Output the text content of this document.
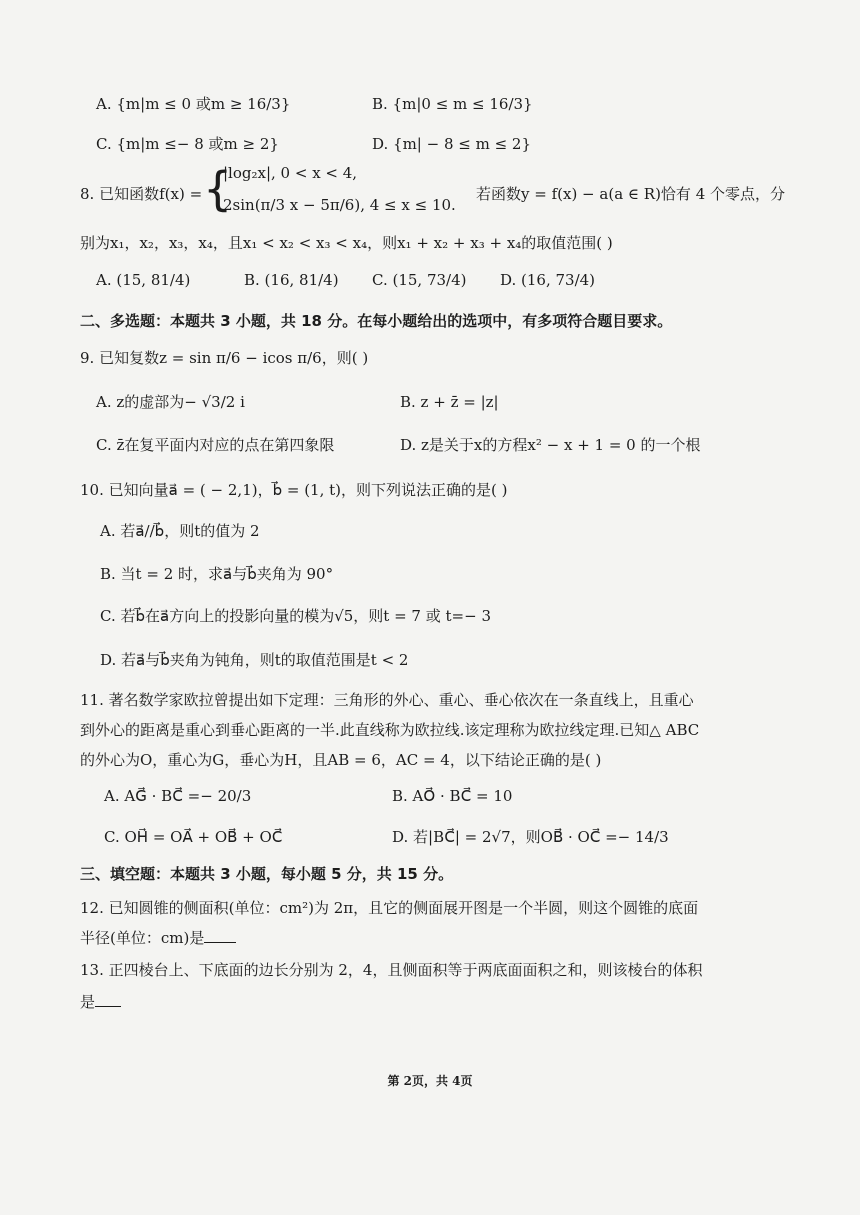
A. {m|m ≤ 0 或m ≥ 16/3}	B. {m|0 ≤ m ≤ 16/3}
C. {m|m ≤− 8 或m ≥ 2}	D. {m| − 8 ≤ m ≤ 2}
8. 已知函数f(x) = {
|log₂x|, 0 < x < 4,
2sin(π/3 x − 5π/6), 4 ≤ x ≤ 10.
若函数y = f(x) − a(a ∈ R)恰有 4 个零点，分
别为x₁，x₂，x₃，x₄，且x₁ < x₂ < x₃ < x₄，则x₁ + x₂ + x₃ + x₄的取值范围( )
A. (15, 81/4)	B. (16, 81/4) C. (15, 73/4) D. (16, 73/4)
二、多选题：本题共 3 小题，共 18 分。在每小题给出的选项中，有多项符合题目要求。
9. 已知复数z = sin π/6 − icos π/6，则( )
A. z的虚部为− √3/2 i	B. z + z̄ = |z|
C. z̄在复平面内对应的点在第四象限	D. z是关于x的方程x² − x + 1 = 0 的一个根
10. 已知向量a⃗ = ( − 2,1)，b⃗ = (1, t)，则下列说法正确的是( )
A. 若a⃗//b⃗，则t的值为 2
B. 当t = 2 时，求a⃗与b⃗夹角为 90°
C. 若b⃗在a⃗方向上的投影向量的模为√5，则t = 7 或 t=− 3
D. 若a⃗与b⃗夹角为钝角，则t的取值范围是t < 2
11. 著名数学家欧拉曾提出如下定理：三角形的外心、重心、垂心依次在一条直线上，且重心
到外心的距离是重心到垂心距离的一半.此直线称为欧拉线.该定理称为欧拉线定理.已知△ ABC
的外心为O，重心为G，垂心为H，且AB = 6，AC = 4，以下结论正确的是( )
A. AG⃗ · BC⃗ =− 20/3	B. AO⃗ · BC⃗ = 10
C. OH⃗ = OA⃗ + OB⃗ + OC⃗	D. 若|BC⃗| = 2√7，则OB⃗ · OC⃗ =− 14/3
三、填空题：本题共 3 小题，每小题 5 分，共 15 分。
12. 已知圆锥的侧面积(单位：cm²)为 2π，且它的侧面展开图是一个半圆，则这个圆锥的底面
半径(单位：cm)是
13. 正四棱台上、下底面的边长分别为 2，4，且侧面积等于两底面面积之和，则该棱台的体积
是
第 2页，共 4页
